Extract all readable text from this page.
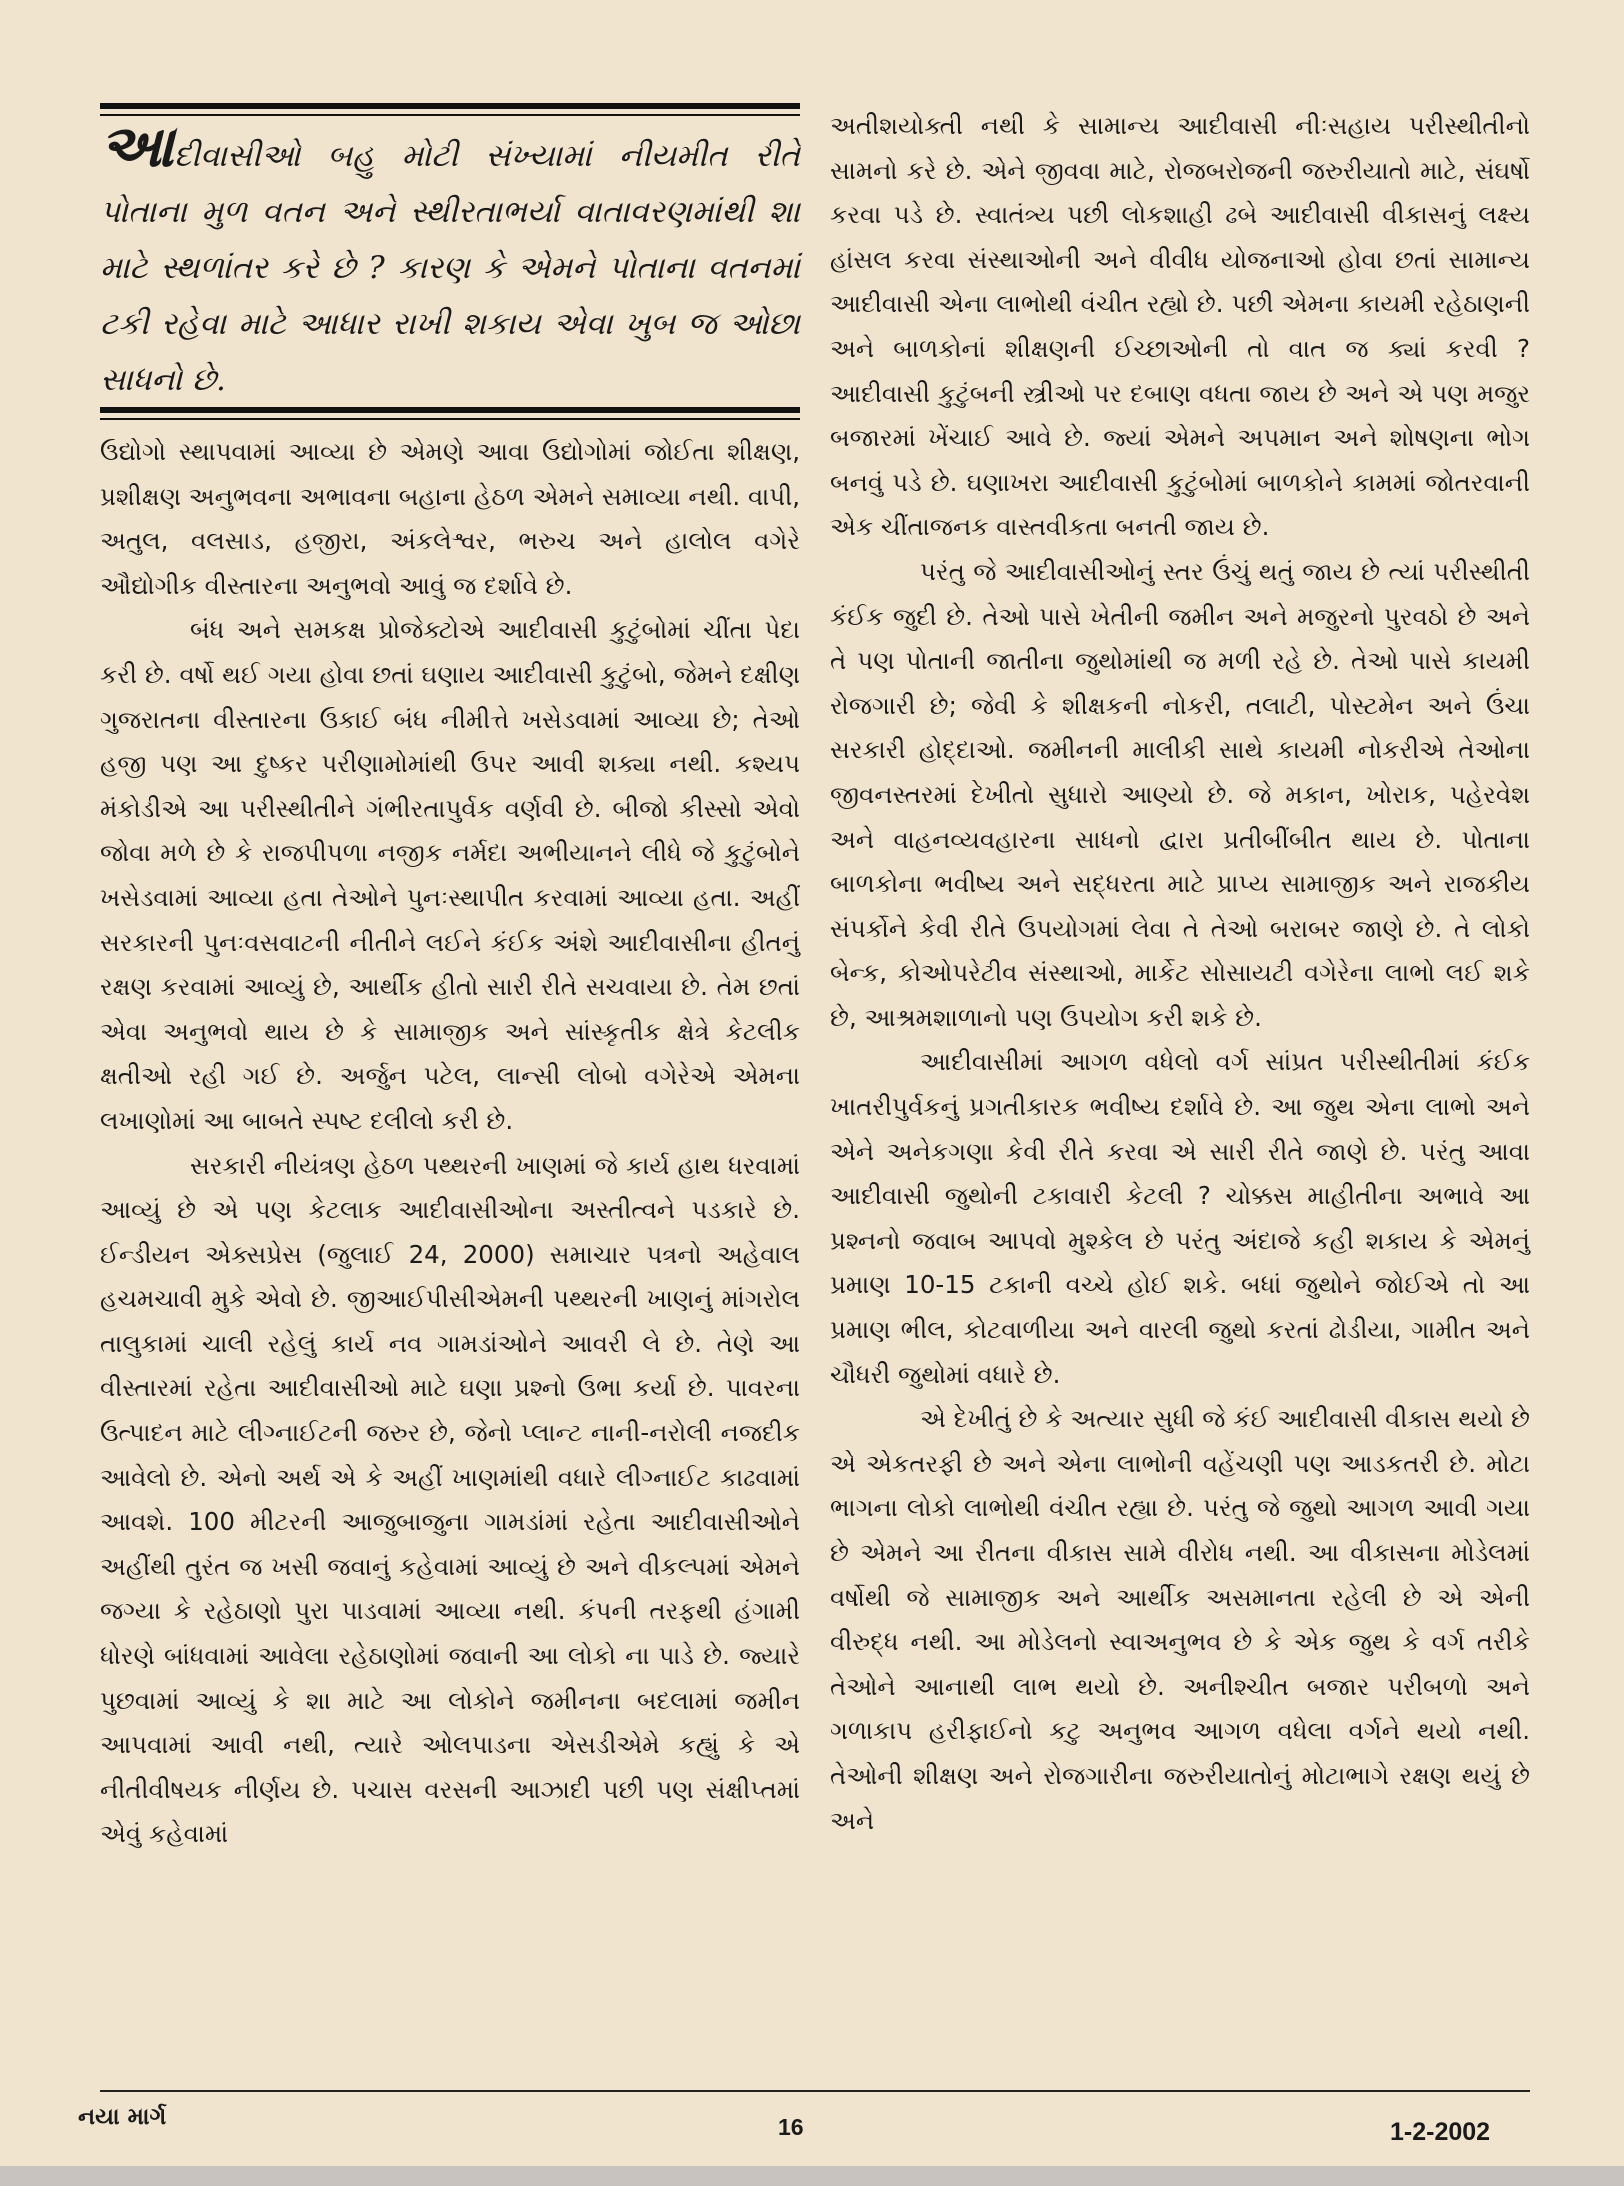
આદીવાસીઓ બહુ મોટી સંખ્યામાં નીયમીત રીતે પોતાના મુળ વતન અને સ્થીરતાભર્યા વાતાવરણમાંથી શા માટે સ્થળાંતર કરે છે ? કારણ કે એમને પોતાના વતનમાં ટકી રહેવા માટે આધાર રાખી શકાય એવા ખુબ જ ઓછા સાધનો છે.

ઉદ્યોગો સ્થાપવામાં આવ્યા છે એમણે આવા ઉદ્યોગોમાં જોઈતા શીક્ષણ, પ્રશીક્ષણ અનુભવના અભાવના બહાના હેઠળ એમને સમાવ્યા નથી. વાપી, અતુલ, વલસાડ, હજીરા, અંકલેશ્વર, ભરુચ અને હાલોલ વગેરે ઔદ્યોગીક વીસ્તારના અનુભવો આવું જ દર્શાવે છે.

બંધ અને સમકક્ષ પ્રોજેક્ટોએ આદીવાસી કુટુંબોમાં ચીંતા પેદા કરી છે. વર્ષો થઈ ગયા હોવા છતાં ઘણાય આદીવાસી કુટુંબો, જેમને દક્ષીણ ગુજરાતના વીસ્તારના ઉકાઈ બંધ નીમીત્તે ખસેડવામાં આવ્યા છે; તેઓ હજી પણ આ દુષ્કર પરીણામોમાંથી ઉપર આવી શક્યા નથી. કશ્યપ મંકોડીએ આ પરીસ્થીતીને ગંભીરતાપુર્વક વર્ણવી છે. બીજો કીસ્સો એવો જોવા મળે છે કે રાજપીપળા નજીક નર્મદા અભીયાનને લીધે જે કુટુંબોને ખસેડવામાં આવ્યા હતા તેઓને પુનઃસ્થાપીત કરવામાં આવ્યા હતા. અહીં સરકારની પુનઃવસવાટની નીતીને લઈને કંઈક અંશે આદીવાસીના હીતનું રક્ષણ કરવામાં આવ્યું છે, આર્થીક હીતો સારી રીતે સચવાયા છે. તેમ છતાં એવા અનુભવો થાય છે કે સામાજીક અને સાંસ્કૃતીક ક્ષેત્રે કેટલીક ક્ષતીઓ રહી ગઈ છે. અર્જુન પટેલ, લાન્સી લોબો વગેરેએ એમના લખાણોમાં આ બાબતે સ્પષ્ટ દલીલો કરી છે.

સરકારી નીયંત્રણ હેઠળ પથ્થરની ખાણમાં જે કાર્ય હાથ ધરવામાં આવ્યું છે એ પણ કેટલાક આદીવાસીઓના અસ્તીત્વને પડકારે છે. ઈન્ડીયન એક્સપ્રેસ (જુલાઈ 24, 2000) સમાચાર પત્રનો અહેવાલ હચમચાવી મુકે એવો છે. જીઆઈપીસીએમની પથ્થરની ખાણનું માંગરોલ તાલુકામાં ચાલી રહેલું કાર્ય નવ ગામડાંઓને આવરી લે છે. તેણે આ વીસ્તારમાં રહેતા આદીવાસીઓ માટે ઘણા પ્રશ્નો ઉભા કર્યા છે. પાવરના ઉત્પાદન માટે લીગ્નાઈટની જરુર છે, જેનો પ્લાન્ટ નાની-નરોલી નજદીક આવેલો છે. એનો અર્થ એ કે અહીં ખાણમાંથી વધારે લીગ્નાઈટ કાઢવામાં આવશે. 100 મીટરની આજુબાજુના ગામડાંમાં રહેતા આદીવાસીઓને અહીંથી તુરંત જ ખસી જવાનું કહેવામાં આવ્યું છે અને વીકલ્પમાં એમને જગ્યા કે રહેઠાણો પુરા પાડવામાં આવ્યા નથી. કંપની તરફથી હંગામી ધોરણે બાંધવામાં આવેલા રહેઠાણોમાં જવાની આ લોકો ના પાડે છે. જ્યારે પુછવામાં આવ્યું કે શા માટે આ લોકોને જમીનના બદલામાં જમીન આપવામાં આવી નથી, ત્યારે ઓલપાડના એસડીએમે કહ્યું કે એ નીતીવીષયક નીર્ણય છે. પચાસ વરસની આઝાદી પછી પણ સંક્ષીપ્તમાં એવું કહેવામાં

અતીશયોક્તી નથી કે સામાન્ય આદીવાસી નીઃસહાય પરીસ્થીતીનો સામનો કરે છે. એને જીવવા માટે, રોજબરોજની જરુરીયાતો માટે, સંઘર્ષો કરવા પડે છે. સ્વાતંત્ર્ય પછી લોકશાહી ઢબે આદીવાસી વીકાસનું લક્ષ્ય હાંસલ કરવા સંસ્થાઓની અને વીવીધ યોજનાઓ હોવા છતાં સામાન્ય આદીવાસી એના લાભોથી વંચીત રહ્યો છે. પછી એમના કાયમી રહેઠાણની અને બાળકોનાં શીક્ષણની ઈચ્છાઓની તો વાત જ ક્યાં કરવી ? આદીવાસી કુટુંબની સ્ત્રીઓ પર દબાણ વધતા જાય છે અને એ પણ મજુર બજારમાં ખેંચાઈ આવે છે. જ્યાં એમને અપમાન અને શોષણના ભોગ બનવું પડે છે. ઘણાખરા આદીવાસી કુટુંબોમાં બાળકોને કામમાં જોતરવાની એક ચીંતાજનક વાસ્તવીકતા બનતી જાય છે.

પરંતુ જે આદીવાસીઓનું સ્તર ઉંચું થતું જાય છે ત્યાં પરીસ્થીતી કંઈક જુદી છે. તેઓ પાસે ખેતીની જમીન અને મજુરનો પુરવઠો છે અને તે પણ પોતાની જાતીના જુથોમાંથી જ મળી રહે છે. તેઓ પાસે કાયમી રોજગારી છે; જેવી કે શીક્ષકની નોકરી, તલાટી, પોસ્ટમેન અને ઉંચા સરકારી હોદ્દાઓ. જમીનની માલીકી સાથે કાયમી નોકરીએ તેઓના જીવનસ્તરમાં દેખીતો સુધારો આણ્યો છે. જે મકાન, ખોરાક, પહેરવેશ અને વાહનવ્યવહારના સાધનો દ્વારા પ્રતીબીંબીત થાય છે. પોતાના બાળકોના ભવીષ્ય અને સદ્ધરતા માટે પ્રાપ્ય સામાજીક અને રાજકીય સંપર્કોને કેવી રીતે ઉપયોગમાં લેવા તે તેઓ બરાબર જાણે છે. તે લોકો બેન્ક, કોઓપરેટીવ સંસ્થાઓ, માર્કેટ સોસાયટી વગેરેના લાભો લઈ શકે છે, આશ્રમશાળાનો પણ ઉપયોગ કરી શકે છે.

આદીવાસીમાં આગળ વધેલો વર્ગ સાંપ્રત પરીસ્થીતીમાં કંઈક ખાતરીપુર્વકનું પ્રગતીકારક ભવીષ્ય દર્શાવે છે. આ જુથ એના લાભો અને એને અનેકગણા કેવી રીતે કરવા એ સારી રીતે જાણે છે. પરંતુ આવા આદીવાસી જુથોની ટકાવારી કેટલી ? ચોક્કસ માહીતીના અભાવે આ પ્રશ્નનો જવાબ આપવો મુશ્કેલ છે પરંતુ અંદાજે કહી શકાય કે એમનું પ્રમાણ 10-15 ટકાની વચ્ચે હોઈ શકે. બધાં જુથોને જોઈએ તો આ પ્રમાણ ભીલ, કોટવાળીયા અને વારલી જુથો કરતાં ઢોડીયા, ગામીત અને ચૌધરી જુથોમાં વધારે છે.

એ દેખીતું છે કે અત્યાર સુધી જે કંઈ આદીવાસી વીકાસ થયો છે એ એકતરફી છે અને એના લાભોની વહેંચણી પણ આડકતરી છે. મોટા ભાગના લોકો લાભોથી વંચીત રહ્યા છે. પરંતુ જે જુથો આગળ આવી ગયા છે એમને આ રીતના વીકાસ સામે વીરોધ નથી. આ વીકાસના મોડેલમાં વર્ષોથી જે સામાજીક અને આર્થીક અસમાનતા રહેલી છે એ એની વીરુદ્ધ નથી. આ મોડેલનો સ્વાઅનુભવ છે કે એક જુથ કે વર્ગ તરીકે તેઓને આનાથી લાભ થયો છે. અનીશ્ચીત બજાર પરીબળો અને ગળાકાપ હરીફાઈનો કટુ અનુભવ આગળ વધેલા વર્ગને થયો નથી. તેઓની શીક્ષણ અને રોજગારીના જરુરીયાતોનું મોટાભાગે રક્ષણ થયું છે અને

નયા માર્ગ	16	1-2-2002
